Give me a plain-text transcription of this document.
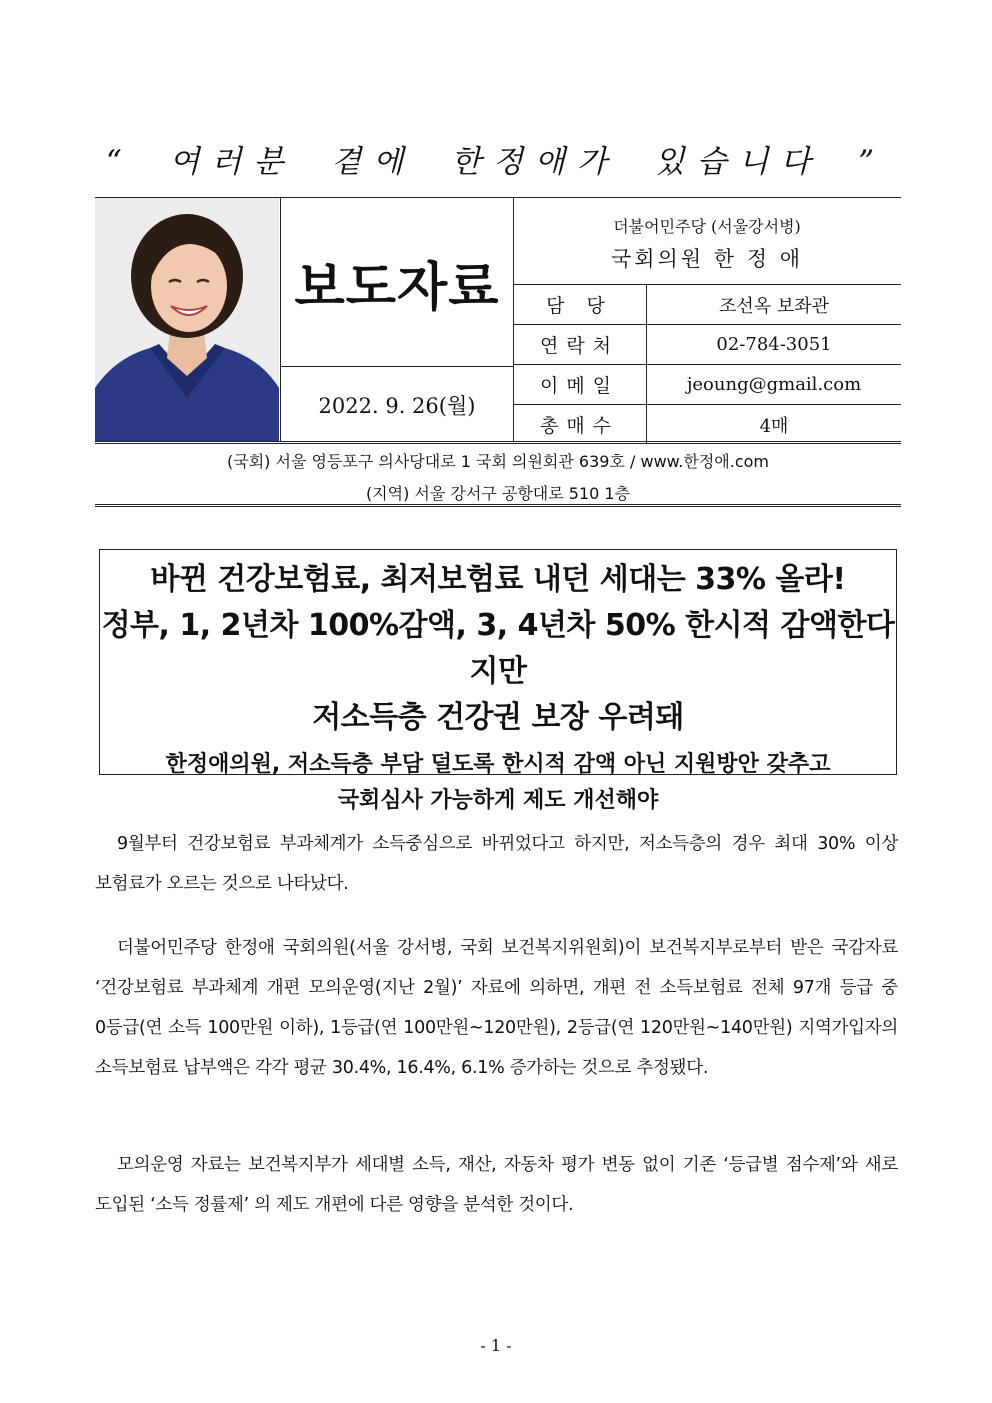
“ 여러분 곁에 한정애가 있습니다 ”
보도자료
2022. 9. 26(월)
더불어민주당 (서울강서병)
국회의원 한 정 애
담 당	조선옥 보좌관
연락처	02-784-3051
이메일	jeoung@gmail.com
총매수	4매
(국회) 서울 영등포구 의사당대로 1 국회 의원회관 639호 / www.한정애.com
(지역) 서울 강서구 공항대로 510 1층
바뀐 건강보험료, 최저보험료 내던 세대는 33% 올라!
정부, 1, 2년차 100%감액, 3, 4년차 50% 한시적 감액한다지만
저소득층 건강권 보장 우려돼
한정애의원, 저소득층 부담 덜도록 한시적 감액 아닌 지원방안 갖추고
국회심사 가능하게 제도 개선해야
9월부터 건강보험료 부과체계가 소득중심으로 바뀌었다고 하지만, 저소득층의 경우 최대 30% 이상 보험료가 오르는 것으로 나타났다.
더불어민주당 한정애 국회의원(서울 강서병, 국회 보건복지위원회)이 보건복지부로부터 받은 국감자료 ‘건강보험료 부과체계 개편 모의운영(지난 2월)’ 자료에 의하면, 개편 전 소득보험료 전체 97개 등급 중 0등급(연 소득 100만원 이하), 1등급(연 100만원~120만원), 2등급(연 120만원~140만원) 지역가입자의 소득보험료 납부액은 각각 평균 30.4%, 16.4%, 6.1% 증가하는 것으로 추정됐다.
모의운영 자료는 보건복지부가 세대별 소득, 재산, 자동차 평가 변동 없이 기존 ‘등급별 점수제’와 새로 도입된 ‘소득 정률제’ 의 제도 개편에 다른 영향을 분석한 것이다.
- 1 -
